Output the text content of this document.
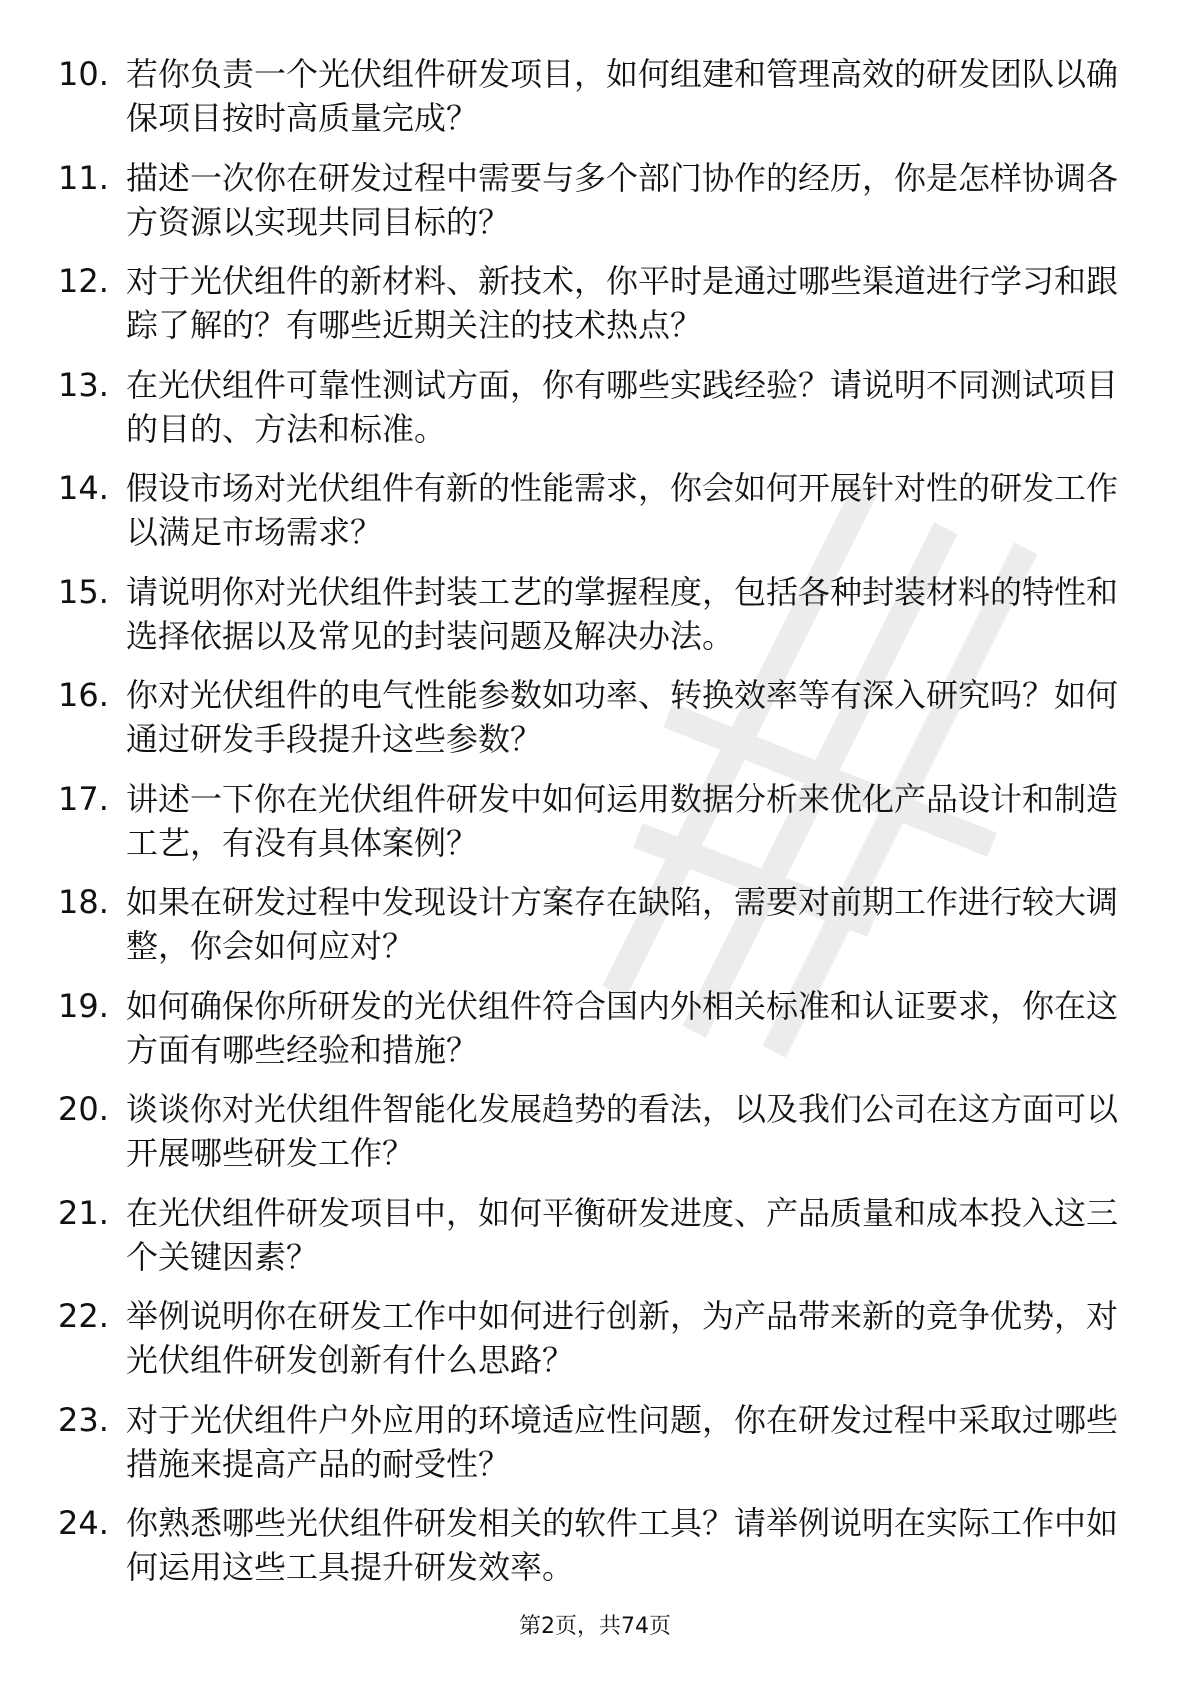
10. 若你负责一个光伏组件研发项目，如何组建和管理高效的研发团队以确保项目按时高质量完成？
11. 描述一次你在研发过程中需要与多个部门协作的经历，你是怎样协调各方资源以实现共同目标的？
12. 对于光伏组件的新材料、新技术，你平时是通过哪些渠道进行学习和跟踪了解的？有哪些近期关注的技术热点？
13. 在光伏组件可靠性测试方面，你有哪些实践经验？请说明不同测试项目的目的、方法和标准。
14. 假设市场对光伏组件有新的性能需求，你会如何开展针对性的研发工作以满足市场需求？
15. 请说明你对光伏组件封装工艺的掌握程度，包括各种封装材料的特性和选择依据以及常见的封装问题及解决办法。
16. 你对光伏组件的电气性能参数如功率、转换效率等有深入研究吗？如何通过研发手段提升这些参数？
17. 讲述一下你在光伏组件研发中如何运用数据分析来优化产品设计和制造工艺，有没有具体案例？
18. 如果在研发过程中发现设计方案存在缺陷，需要对前期工作进行较大调整，你会如何应对？
19. 如何确保你所研发的光伏组件符合国内外相关标准和认证要求，你在这方面有哪些经验和措施？
20. 谈谈你对光伏组件智能化发展趋势的看法，以及我们公司在这方面可以开展哪些研发工作？
21. 在光伏组件研发项目中，如何平衡研发进度、产品质量和成本投入这三个关键因素？
22. 举例说明你在研发工作中如何进行创新，为产品带来新的竞争优势，对光伏组件研发创新有什么思路？
23. 对于光伏组件户外应用的环境适应性问题，你在研发过程中采取过哪些措施来提高产品的耐受性？
24. 你熟悉哪些光伏组件研发相关的软件工具？请举例说明在实际工作中如何运用这些工具提升研发效率。
第2页，共74页
